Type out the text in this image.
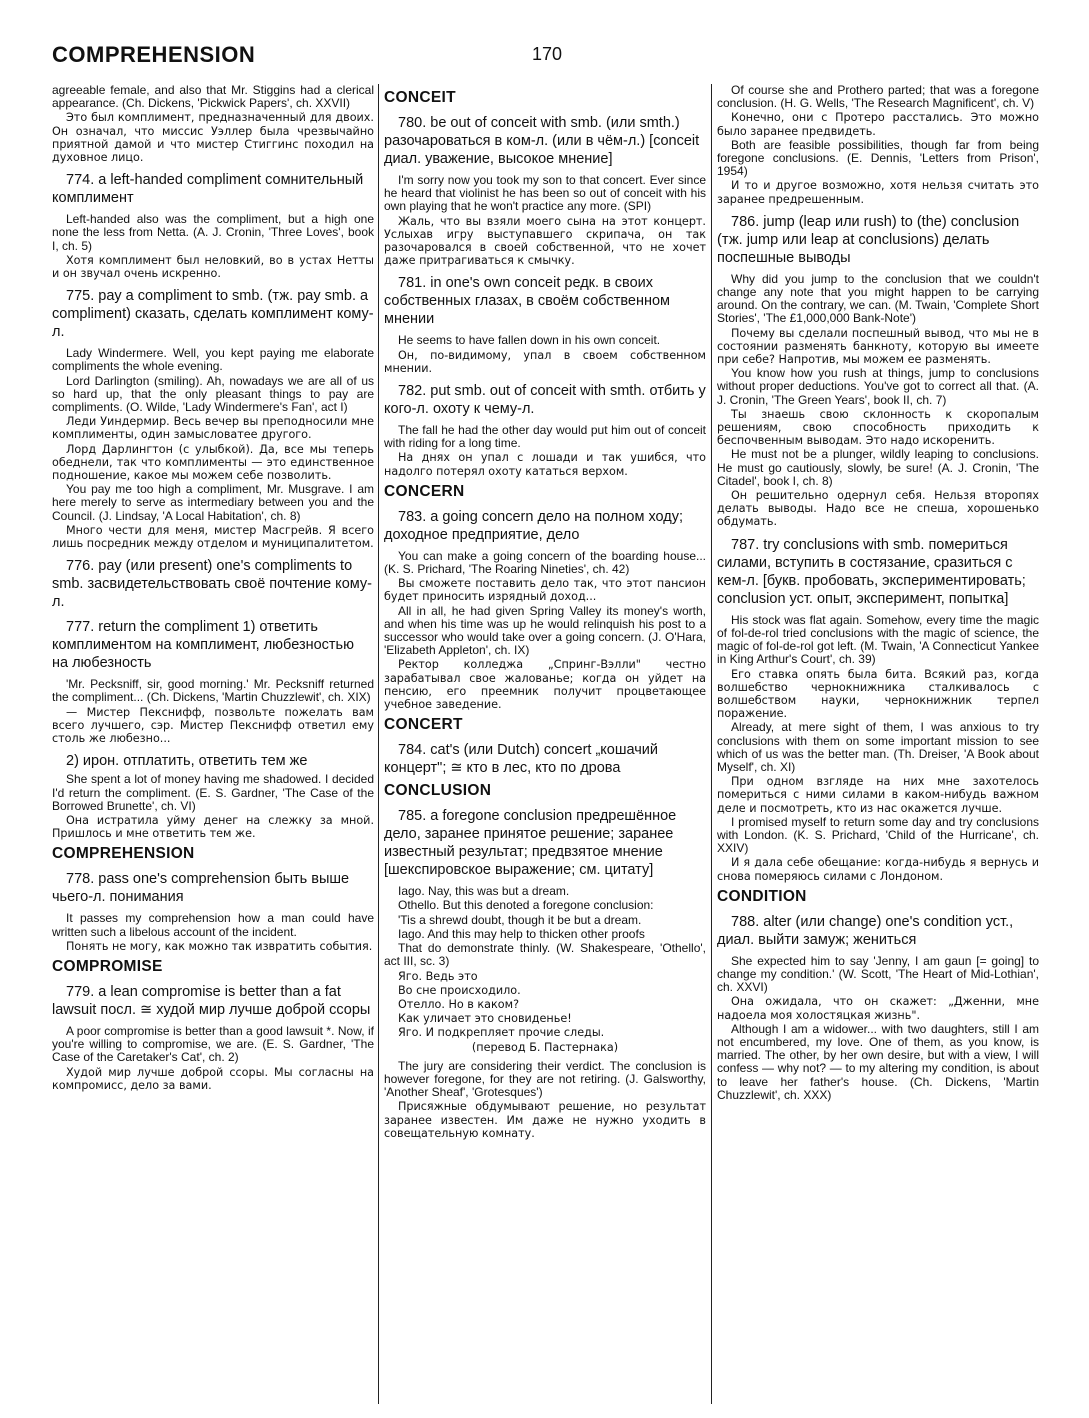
COMPREHENSION	170
agreeable female, and also that Mr. Stiggins had a clerical appearance. (Ch. Dickens, 'Pickwick Papers', ch. XXVII)
Это был комплимент, предназначенный для двоих. Он означал, что миссис Уэллер была чрезвычайно приятной дамой и что мистер Стиггинс походил на духовное лицо.
774. a left-handed compliment сомнительный комплимент
Left-handed also was the compliment, but a high one none the less from Netta. (A. J. Cronin, 'Three Loves', book I, ch. 5)
Хотя комплимент был неловкий, во в устах Нетты и он звучал очень искренно.
775. pay a compliment to smb. (тж. pay smb. a compliment) сказать, сделать комплимент кому-л.
Lady Windermere. Well, you kept paying me elaborate compliments the whole evening.
Lord Darlington (smiling). Ah, nowadays we are all of us so hard up, that the only pleasant things to pay are compliments. (O. Wilde, 'Lady Windermere's Fan', act I)
Леди Уиндермир. Весь вечер вы преподносили мне комплименты, один замысловатее другого.
Лорд Дарлингтон (с улыбкой). Да, все мы теперь обеднели, так что комплименты — это единственное подношение, какое мы можем себе позволить.
You pay me too high a compliment, Mr. Musgrave. I am here merely to serve as intermediary between you and the Council. (J. Lindsay, 'A Local Habitation', ch. 8)
Много чести для меня, мистер Масгрейв. Я всего лишь посредник между отделом и муниципалитетом.
776. pay (или present) one's compliments to smb. засвидетельствовать своё почтение кому-л.
777. return the compliment 1) ответить комплиментом на комплимент, любезностью на любезность
'Mr. Pecksniff, sir, good morning.' Mr. Pecksniff returned the compliment... (Ch. Dickens, 'Martin Chuzzlewit', ch. XIX)
— Мистер Пекснифф, позвольте пожелать вам всего лучшего, сэр. Мистер Пекснифф ответил ему столь же любезно...
2) ирон. отплатить, ответить тем же
She spent a lot of money having me shadowed. I decided I'd return the compliment. (E. S. Gardner, 'The Case of the Borrowed Brunette', ch. VI)
Она истратила уйму денег на слежку за мной. Пришлось и мне ответить тем же.
COMPREHENSION
778. pass one's comprehension быть выше чьего-л. понимания
It passes my comprehension how a man could have written such a libelous account of the incident.
Понять не могу, как можно так извратить события.
COMPROMISE
779. a lean compromise is better than a fat lawsuit посл. ≅ худой мир лучше доброй ссоры
A poor compromise is better than a good lawsuit *. Now, if you're willing to compromise, we are. (E. S. Gardner, 'The Case of the Caretaker's Cat', ch. 2)
Худой мир лучше доброй ссоры. Мы согласны на компромисс, дело за вами.
CONCEIT
780. be out of conceit with smb. (или smth.) разочароваться в ком-л. (или в чём-л.) [conceit диал. уважение, высокое мнение]
I'm sorry now you took my son to that concert. Ever since he heard that violinist he has been so out of conceit with his own playing that he won't practice any more. (SPI)
Жаль, что вы взяли моего сына на этот концерт. Услыхав игру выступавшего скрипача, он так разочаровался в своей собственной, что не хочет даже притрагиваться к смычку.
781. in one's own conceit редк. в своих собственных глазах, в своём собственном мнении
He seems to have fallen down in his own conceit.
Он, по-видимому, упал в своем собственном мнении.
782. put smb. out of conceit with smth. отбить у кого-л. охоту к чему-л.
The fall he had the other day would put him out of conceit with riding for a long time.
На днях он упал с лошади и так ушибся, что надолго потерял охоту кататься верхом.
CONCERN
783. a going concern дело на полном ходу; доходное предприятие, дело
You can make a going concern of the boarding house... (K. S. Prichard, 'The Roaring Nineties', ch. 42)
Вы сможете поставить дело так, что этот пансион будет приносить изрядный доход...
All in all, he had given Spring Valley its money's worth, and when his time was up he would relinquish his post to a successor who would take over a going concern. (J. O'Hara, 'Elizabeth Appleton', ch. IX)
Ректор колледжа „Спринг-Вэлли" честно зарабатывал свое жалованье; когда он уйдет на пенсию, его преемник получит процветающее учебное заведение.
CONCERT
784. cat's (или Dutch) concert „кошачий концерт"; ≅ кто в лес, кто по дрова
CONCLUSION
785. a foregone conclusion предрешённое дело, заранее принятое решение; заранее известный результат; предвзятое мнение [шекспировское выражение; см. цитату]
Iago. Nay, this was but a dream.
Othello. But this denoted a foregone conclusion:
'Tis a shrewd doubt, though it be but a dream.
Iago. And this may help to thicken other proofs
That do demonstrate thinly. (W. Shakespeare, 'Othello', act III, sc. 3)
Яго. Ведь это
Во сне происходило.
Отелло. Но в каком?
Как уличает это сновиденье!
Яго. И подкрепляет прочие следы.
(перевод Б. Пастернака)
The jury are considering their verdict. The conclusion is however foregone, for they are not retiring. (J. Galsworthy, 'Another Sheaf', 'Grotesques')
Присяжные обдумывают решение, но результат заранее известен. Им даже не нужно уходить в совещательную комнату.
Of course she and Prothero parted; that was a foregone conclusion. (H. G. Wells, 'The Research Magnificent', ch. V)
Конечно, они с Протеро расстались. Это можно было заранее предвидеть.
Both are feasible possibilities, though far from being foregone conclusions. (E. Dennis, 'Letters from Prison', 1954)
И то и другое возможно, хотя нельзя считать это заранее предрешенным.
786. jump (leap или rush) to (the) conclusion (тж. jump или leap at conclusions) делать поспешные выводы
Why did you jump to the conclusion that we couldn't change any note that you might happen to be carrying around. On the contrary, we can. (M. Twain, 'Complete Short Stories', 'The £1,000,000 Bank-Note')
Почему вы сделали поспешный вывод, что мы не в состоянии разменять банкноту, которую вы имеете при себе? Напротив, мы можем ее разменять.
You know how you rush at things, jump to conclusions without proper deductions. You've got to correct all that. (A. J. Cronin, 'The Green Years', book II, ch. 7)
Ты знаешь свою склонность к скоропалым решениям, свою способность приходить к беспочвенным выводам. Это надо искоренить.
He must not be a plunger, wildly leaping to conclusions. He must go cautiously, slowly, be sure! (A. J. Cronin, 'The Citadel', book I, ch. 8)
Он решительно одернул себя. Нельзя второпях делать выводы. Надо все не спеша, хорошенько обдумать.
787. try conclusions with smb. помериться силами, вступить в состязание, сразиться с кем-л. [букв. пробовать, экспериментировать; conclusion уст. опыт, эксперимент, попытка]
His stock was flat again. Somehow, every time the magic of fol-de-rol tried conclusions with the magic of science, the magic of fol-de-rol got left. (M. Twain, 'A Connecticut Yankee in King Arthur's Court', ch. 39)
Его ставка опять была бита. Всякий раз, когда волшебство чернокнижника сталкивалось с волшебством науки, чернокнижник терпел поражение.
Already, at mere sight of them, I was anxious to try conclusions with them on some important mission to see which of us was the better man. (Th. Dreiser, 'A Book about Myself', ch. XI)
При одном взгляде на них мне захотелось помериться с ними силами в каком-нибудь важном деле и посмотреть, кто из нас окажется лучше.
I promised myself to return some day and try conclusions with London. (K. S. Prichard, 'Child of the Hurricane', ch. XXIV)
И я дала себе обещание: когда-нибудь я вернусь и снова померяюсь силами с Лондоном.
CONDITION
788. alter (или change) one's condition уст., диал. выйти замуж; жениться
She expected him to say 'Jenny, I am gaun [= going] to change my condition.' (W. Scott, 'The Heart of Mid-Lothian', ch. XXVI)
Она ожидала, что он скажет: „Дженни, мне надоела моя холостяцкая жизнь".
Although I am a widower... with two daughters, still I am not encumbered, my love. One of them, as you know, is married. The other, by her own desire, but with a view, I will confess — why not? — to my altering my condition, is about to leave her father's house. (Ch. Dickens, 'Martin Chuzzlewit', ch. XXX)
